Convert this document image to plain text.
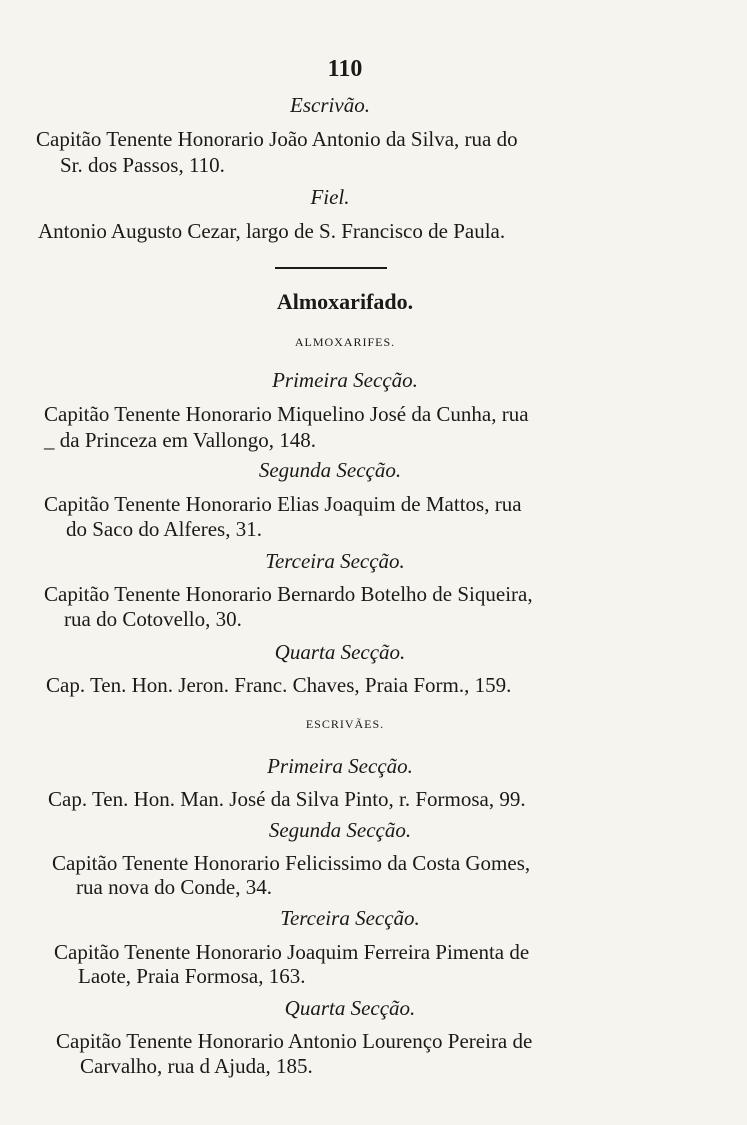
110
Escrivão.
Capitão Tenente Honorario João Antonio da Silva, rua do
Sr. dos Passos, 110.
Fiel.
Antonio Augusto Cezar, largo de S. Francisco de Paula.
Almoxarifado.
ALMOXARIFES.
Primeira Secção.
Capitão Tenente Honorario Miquelino José da Cunha, rua
_ da Princeza em Vallongo, 148.
Segunda Secção.
Capitão Tenente Honorario Elias Joaquim de Mattos, rua
do Saco do Alferes, 31.
Terceira Secção.
Capitão Tenente Honorario Bernardo Botelho de Siqueira,
rua do Cotovello, 30.
Quarta Secção.
Cap. Ten. Hon. Jeron. Franc. Chaves, Praia Form., 159.
ESCRIVÃES.
Primeira Secção.
Cap. Ten. Hon. Man. José da Silva Pinto, r. Formosa, 99.
Segunda Secção.
Capitão Tenente Honorario Felicissimo da Costa Gomes,
rua nova do Conde, 34.
Terceira Secção.
Capitão Tenente Honorario Joaquim Ferreira Pimenta de
Laote, Praia Formosa, 163.
Quarta Secção.
Capitão Tenente Honorario Antonio Lourenço Pereira de
Carvalho, rua d Ajuda, 185.
